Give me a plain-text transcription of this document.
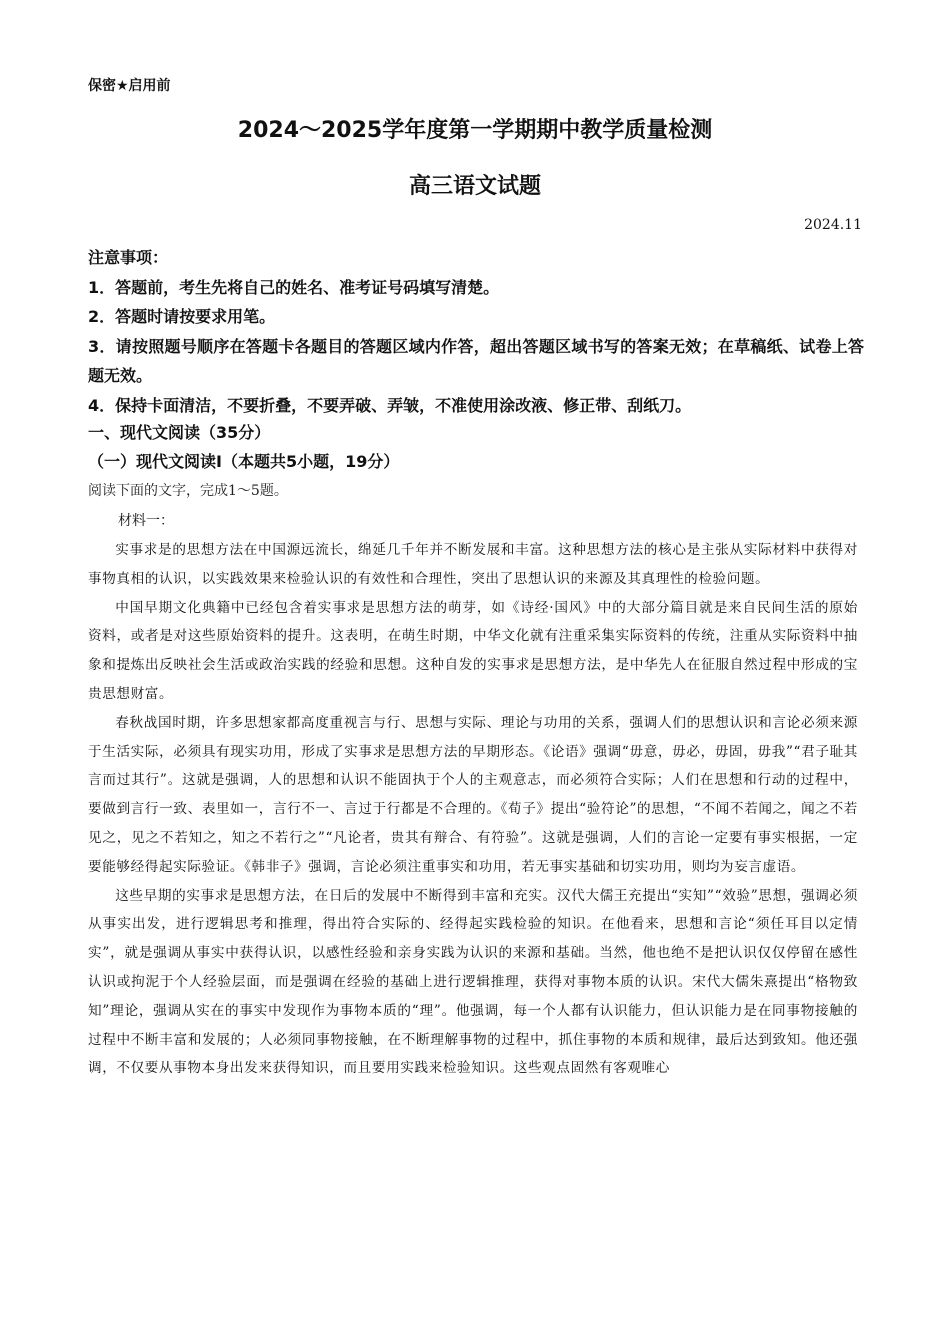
保密★启用前
2024～2025学年度第一学期期中教学质量检测
高三语文试题
2024.11
注意事项：
1．答题前，考生先将自己的姓名、准考证号码填写清楚。
2．答题时请按要求用笔。
3．请按照题号顺序在答题卡各题目的答题区域内作答，超出答题区域书写的答案无效；在草稿纸、试卷上答题无效。
4．保持卡面清洁，不要折叠，不要弄破、弄皱，不准使用涂改液、修正带、刮纸刀。
一、现代文阅读（35分）
（一）现代文阅读Ⅰ（本题共5小题，19分）
阅读下面的文字，完成1～5题。
材料一：

实事求是的思想方法在中国源远流长，绵延几千年并不断发展和丰富。这种思想方法的核心是主张从实际材料中获得对事物真相的认识，以实践效果来检验认识的有效性和合理性，突出了思想认识的来源及其真理性的检验问题。

中国早期文化典籍中已经包含着实事求是思想方法的萌芽，如《诗经·国风》中的大部分篇目就是来自民间生活的原始资料，或者是对这些原始资料的提升。这表明，在萌生时期，中华文化就有注重采集实际资料的传统，注重从实际资料中抽象和提炼出反映社会生活或政治实践的经验和思想。这种自发的实事求是思想方法，是中华先人在征服自然过程中形成的宝贵思想财富。

春秋战国时期，许多思想家都高度重视言与行、思想与实际、理论与功用的关系，强调人们的思想认识和言论必须来源于生活实际，必须具有现实功用，形成了实事求是思想方法的早期形态。《论语》强调“毋意，毋必，毋固，毋我”“君子耻其言而过其行”。这就是强调，人的思想和认识不能固执于个人的主观意志，而必须符合实际；人们在思想和行动的过程中，要做到言行一致、表里如一，言行不一、言过于行都是不合理的。《荀子》提出“验符论”的思想，“不闻不若闻之，闻之不若见之，见之不若知之，知之不若行之”“凡论者，贵其有辩合、有符验”。这就是强调，人们的言论一定要有事实根据，一定要能够经得起实际验证。《韩非子》强调，言论必须注重事实和功用，若无事实基础和切实功用，则均为妄言虚语。

这些早期的实事求是思想方法，在日后的发展中不断得到丰富和充实。汉代大儒王充提出“实知”“效验”思想，强调必须从事实出发，进行逻辑思考和推理，得出符合实际的、经得起实践检验的知识。在他看来，思想和言论“须任耳目以定情实”，就是强调从事实中获得认识，以感性经验和亲身实践为认识的来源和基础。当然，他也绝不是把认识仅仅停留在感性认识或拘泥于个人经验层面，而是强调在经验的基础上进行逻辑推理，获得对事物本质的认识。宋代大儒朱熹提出“格物致知”理论，强调从实在的事实中发现作为事物本质的“理”。他强调，每一个人都有认识能力，但认识能力是在同事物接触的过程中不断丰富和发展的；人必须同事物接触，在不断理解事物的过程中，抓住事物的本质和规律，最后达到致知。他还强调，不仅要从事物本身出发来获得知识，而且要用实践来检验知识。这些观点固然有客观唯心
